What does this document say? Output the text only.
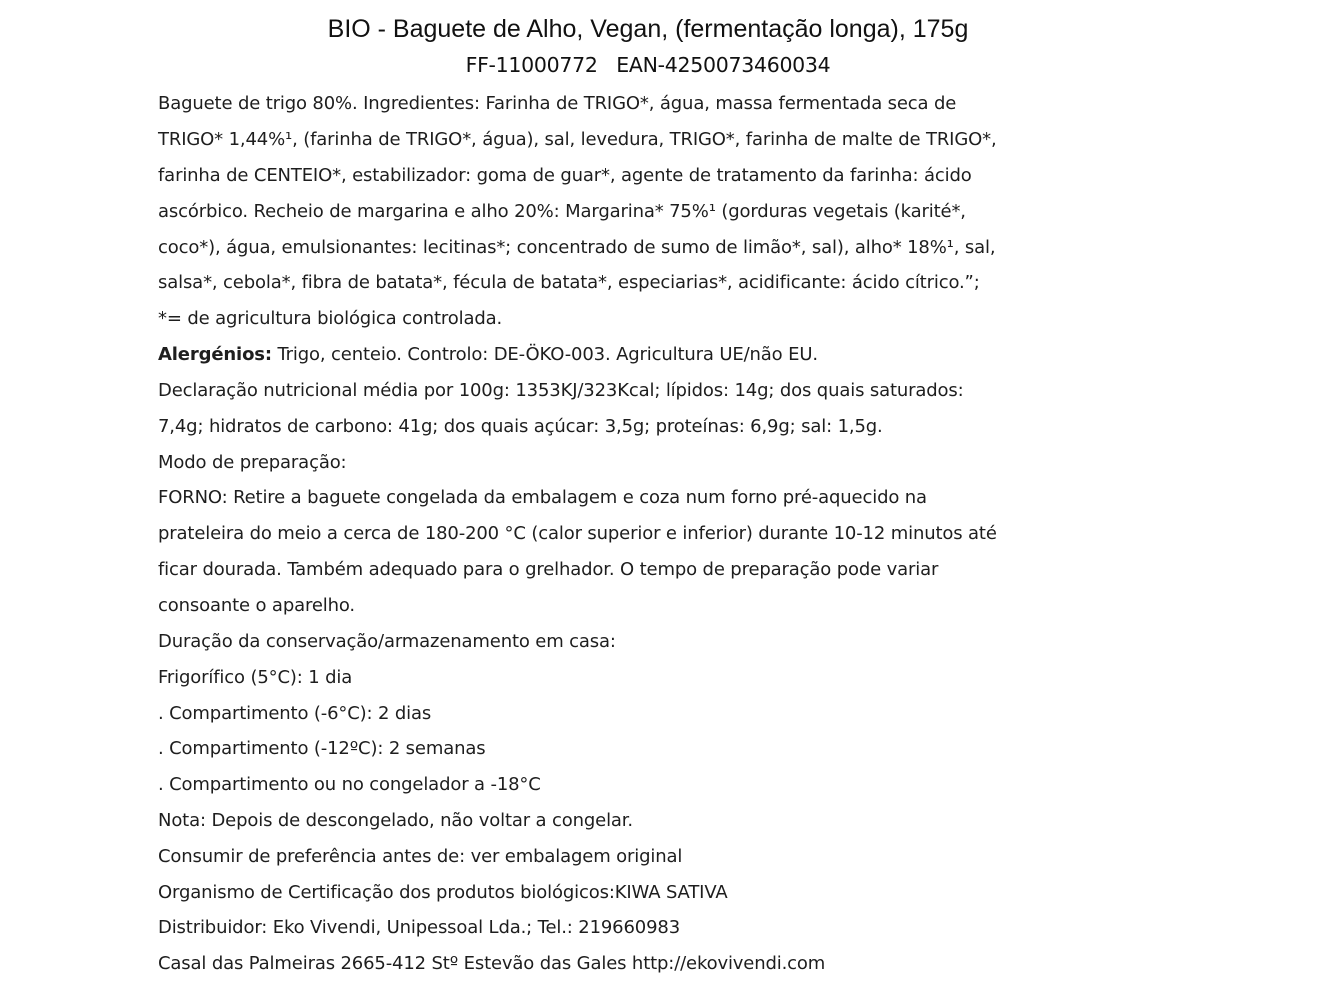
BIO - Baguete de Alho, Vegan, (fermentação longa), 175g
FF-11000772   EAN-4250073460034
Baguete de trigo 80%. Ingredientes: Farinha de TRIGO*, água, massa fermentada seca de
TRIGO* 1,44%¹, (farinha de TRIGO*, água), sal, levedura, TRIGO*, farinha de malte de TRIGO*,
farinha de CENTEIO*, estabilizador: goma de guar*, agente de tratamento da farinha: ácido
ascórbico. Recheio de margarina e alho 20%: Margarina* 75%¹ (gorduras vegetais (karité*,
coco*), água, emulsionantes: lecitinas*; concentrado de sumo de limão*, sal), alho* 18%¹, sal,
salsa*, cebola*, fibra de batata*, fécula de batata*, especiarias*, acidificante: ácido cítrico.”;
*= de agricultura biológica controlada.
Alergénios: Trigo, centeio. Controlo: DE-ÖKO-003. Agricultura UE/não EU.
Declaração nutricional média por 100g: 1353KJ/323Kcal; lípidos: 14g; dos quais saturados:
7,4g; hidratos de carbono: 41g; dos quais açúcar: 3,5g; proteínas: 6,9g; sal: 1,5g.
Modo de preparação:
FORNO: Retire a baguete congelada da embalagem e coza num forno pré-aquecido na
prateleira do meio a cerca de 180-200 °C (calor superior e inferior) durante 10-12 minutos até
ficar dourada. Também adequado para o grelhador. O tempo de preparação pode variar
consoante o aparelho.
Duração da conservação/armazenamento em casa:
Frigorífico (5°C): 1 dia
. Compartimento (-6°C): 2 dias
. Compartimento (-12ºC): 2 semanas
. Compartimento ou no congelador a -18°C
Nota: Depois de descongelado, não voltar a congelar.
Consumir de preferência antes de: ver embalagem original
Organismo de Certificação dos produtos biológicos:KIWA SATIVA
Distribuidor: Eko Vivendi, Unipessoal Lda.; Tel.: 219660983
Casal das Palmeiras 2665-412 Stº Estevão das Gales http://ekovivendi.com
